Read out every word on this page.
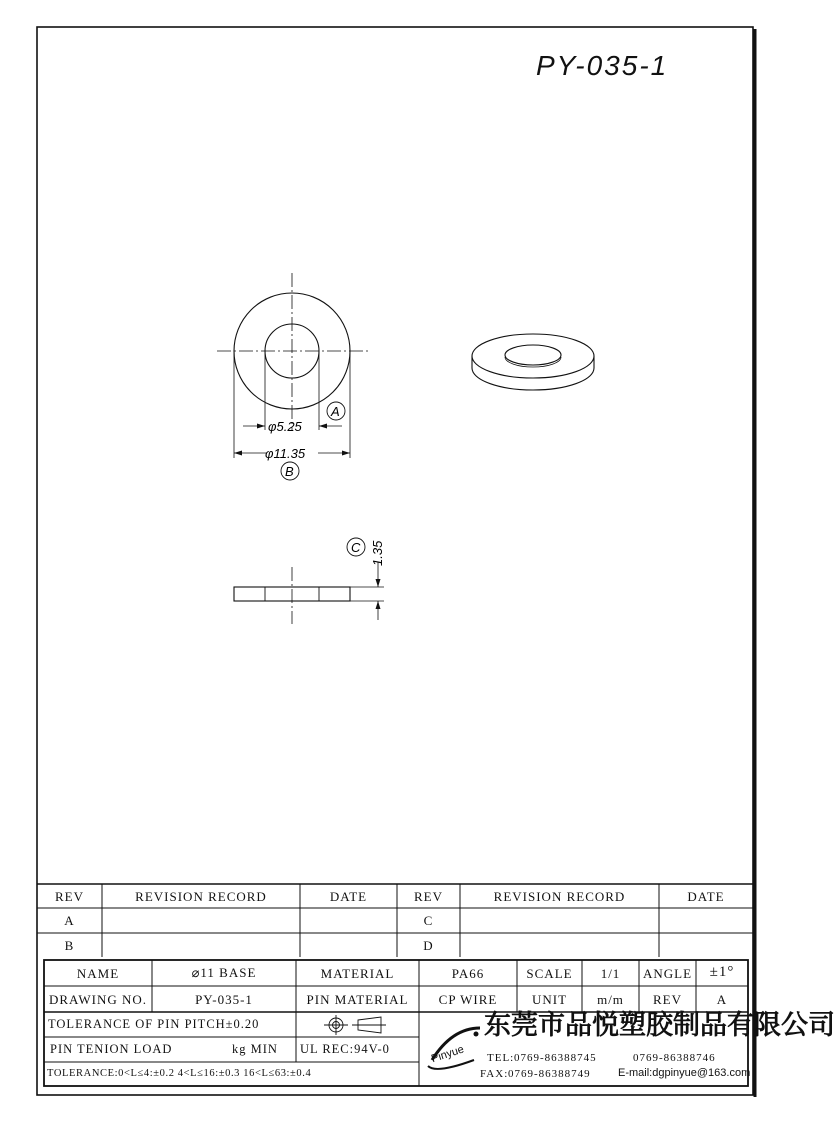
φ5.25
φ11.35
A
B
1.35
C
Pinyue
PY-035-1
REV	REVISION RECORD	DATE	REV	REVISION RECORD	DATE
A	C
B	D
NAME	⌀11 BASE	MATERIAL	PA66	SCALE	1/1	ANGLE	±1°
DRAWING NO.	PY-035-1	PIN MATERIAL	CP WIRE	UNIT	m/m	REV	A
TOLERANCE OF PIN PITCH±0.20
PIN TENION LOAD	kg MIN UL REC:94V-0
TOLERANCE:0<L≤4:±0.2 4<L≤16:±0.3 16<L≤63:±0.4
东莞市品悦塑胶制品有限公司
TEL: 0769-86388745	0769-86388746
FAX: 0769-86388749 E-mail:dgpinyue@163.com
